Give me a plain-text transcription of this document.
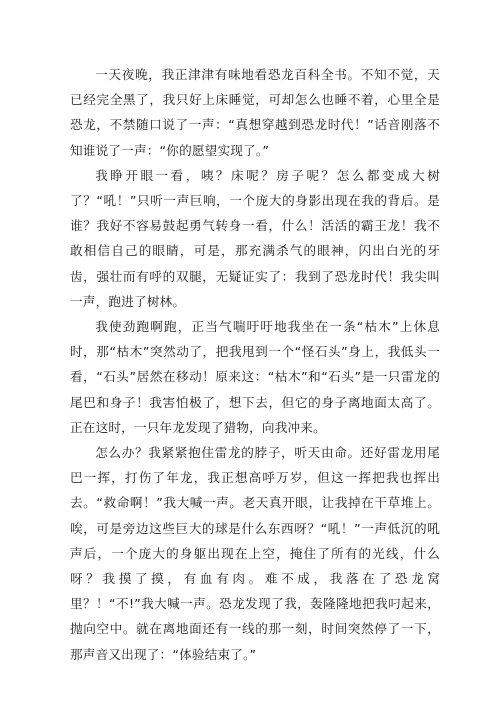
一天夜晚，我正津津有味地看恐龙百科全书。不知不觉，天已经完全黑了，我只好上床睡觉，可却怎么也睡不着，心里全是恐龙，不禁随口说了一声：“真想穿越到恐龙时代！”话音刚落不知谁说了一声：“你的愿望实现了。”

我睁开眼一看，咦？床呢？房子呢？怎么都变成大树了？“吼！”只听一声巨响，一个庞大的身影出现在我的背后。是谁？我好不容易鼓起勇气转身一看，什么！活活的霸王龙！我不敢相信自己的眼睛，可是，那充满杀气的眼神，闪出白光的牙齿，强壮而有呼的双腿，无疑证实了：我到了恐龙时代！我尖叫一声，跑进了树林。

我使劲跑啊跑，正当气喘吁吁地我坐在一条“枯木”上休息时，那“枯木”突然动了，把我甩到一个“怪石头”身上，我低头一看，“石头”居然在移动！原来这：“枯木”和“石头”是一只雷龙的尾巴和身子！我害怕极了，想下去，但它的身子离地面太高了。正在这时，一只年龙发现了猎物，向我冲来。

怎么办？我紧紧抱住雷龙的脖子，听天由命。还好雷龙用尾巴一挥，打伤了年龙，我正想高呼万岁，但这一挥把我也挥出去。“救命啊！”我大喊一声。老天真开眼，让我掉在干草堆上。唉，可是旁边这些巨大的球是什么东西呀？“吼！”一声低沉的吼声后，一个庞大的身躯出现在上空，掩住了所有的光线，什么呀？我摸了摸，有血有肉。难不成，我落在了恐龙窝里？！“不!”我大喊一声。恐龙发现了我，轰隆隆地把我叼起来，抛向空中。就在离地面还有一线的那一刻，时间突然停了一下，那声音又出现了：“体验结束了。”
